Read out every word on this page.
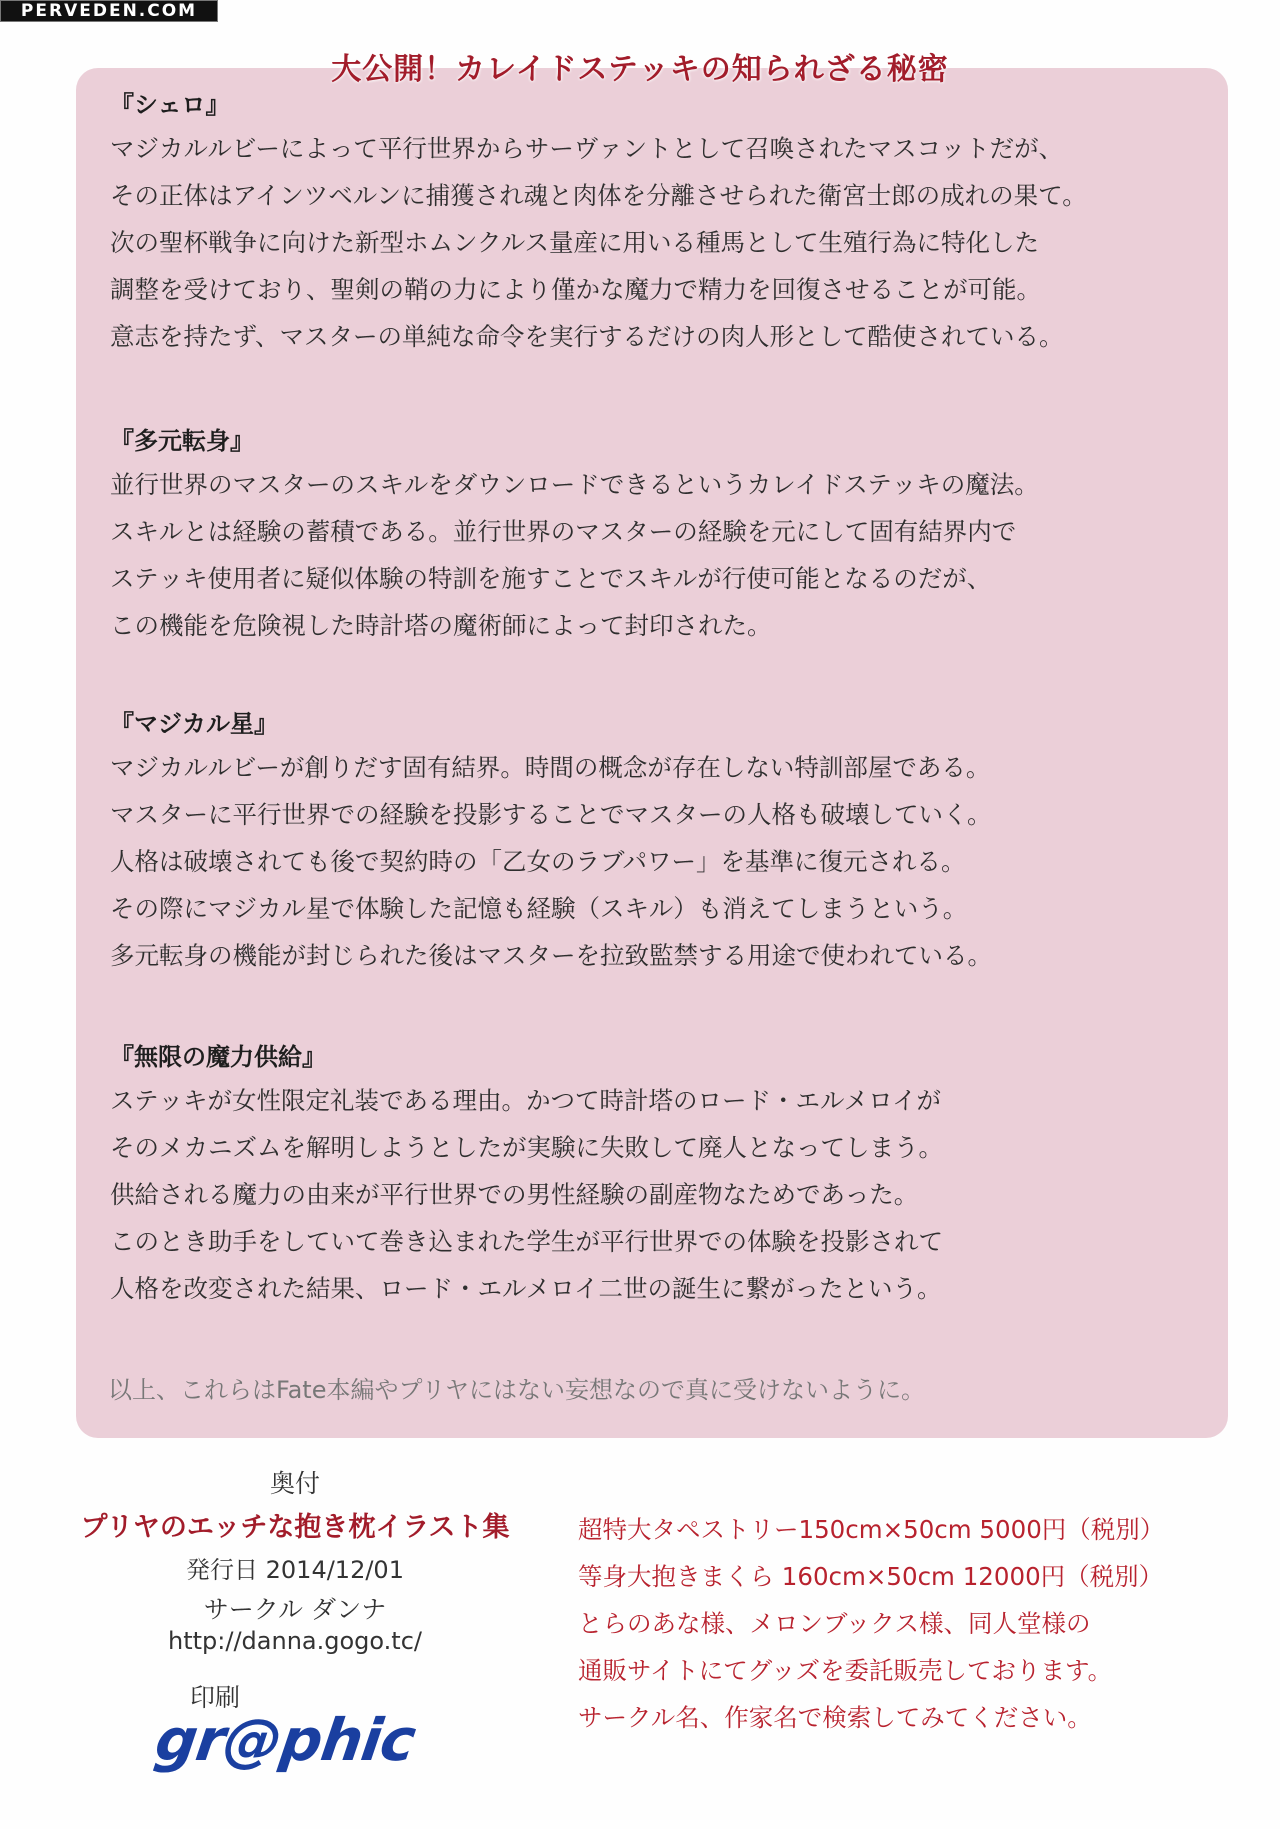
PERVEDEN.COM
大公開！カレイドステッキの知られざる秘密
『シェロ』
マジカルルビーによって平行世界からサーヴァントとして召喚されたマスコットだが、
その正体はアインツベルンに捕獲され魂と肉体を分離させられた衛宮士郎の成れの果て。
次の聖杯戦争に向けた新型ホムンクルス量産に用いる種馬として生殖行為に特化した
調整を受けており、聖剣の鞘の力により僅かな魔力で精力を回復させることが可能。
意志を持たず、マスターの単純な命令を実行するだけの肉人形として酷使されている。
『多元転身』
並行世界のマスターのスキルをダウンロードできるというカレイドステッキの魔法。
スキルとは経験の蓄積である。並行世界のマスターの経験を元にして固有結界内で
ステッキ使用者に疑似体験の特訓を施すことでスキルが行使可能となるのだが、
この機能を危険視した時計塔の魔術師によって封印された。
『マジカル星』
マジカルルビーが創りだす固有結界。時間の概念が存在しない特訓部屋である。
マスターに平行世界での経験を投影することでマスターの人格も破壊していく。
人格は破壊されても後で契約時の「乙女のラブパワー」を基準に復元される。
その際にマジカル星で体験した記憶も経験（スキル）も消えてしまうという。
多元転身の機能が封じられた後はマスターを拉致監禁する用途で使われている。
『無限の魔力供給』
ステッキが女性限定礼装である理由。かつて時計塔のロード・エルメロイが
そのメカニズムを解明しようとしたが実験に失敗して廃人となってしまう。
供給される魔力の由来が平行世界での男性経験の副産物なためであった。
このとき助手をしていて巻き込まれた学生が平行世界での体験を投影されて
人格を改変された結果、ロード・エルメロイ二世の誕生に繋がったという。
以上、これらはFate本編やプリヤにはない妄想なので真に受けないように。
奥付
プリヤのエッチな抱き枕イラスト集
発行日 2014/12/01
サークル ダンナ
http://danna.gogo.tc/
印刷
gr@phic
超特大タペストリー150cm×50cm 5000円（税別）
等身大抱きまくら 160cm×50cm 12000円（税別）
とらのあな様、メロンブックス様、同人堂様の
通販サイトにてグッズを委託販売しております。
サークル名、作家名で検索してみてください。
